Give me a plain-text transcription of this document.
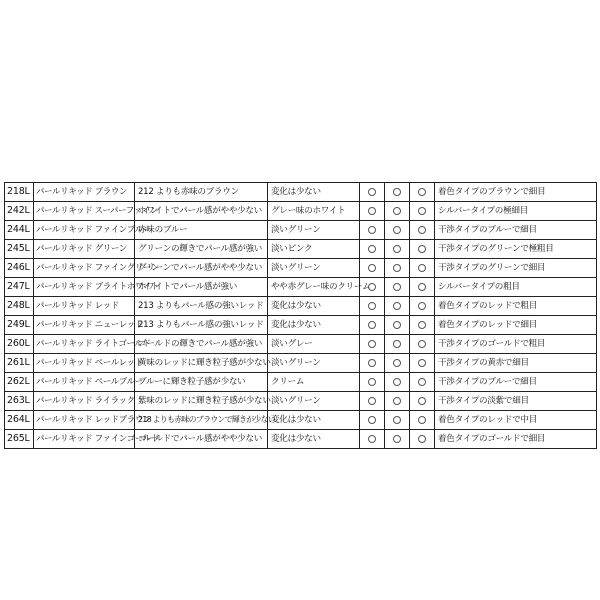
218L	パールリキッド ブラウン	212 よりも赤味のブラウン	変化は少ない				着色タイプのブラウンで細目
242L	パールリキッド スーパーファイン	ホワイトでパール感がやや少ない	グレー味のホワイト				シルバータイプの極細目
244L	パールリキッド ファインブルー	赤味のブルー	淡いグリーン				干渉タイプのブルーで細目
245L	パールリキッド グリーン	グリーンの輝きでパール感が強い	淡いピンク				干渉タイプのグリーンで極粗目
246L	パールリキッド ファイングリーン	グリーンでパール感がやや少ない	淡いグリーン				干渉タイプのグリーンで細目
247L	パールリキッド ブライトホワイト	ホワイトでパール感が強い	やや赤グレー味のクリーム				シルバータイプの粗目
248L	パールリキッド レッド	213 よりもパール感の強いレッド	変化は少ない				着色タイプのレッドで粗目
249L	パールリキッド ニューレッド	213 よりもパール感の強いレッド	変化は少ない				着色タイプのレッドで細目
260L	パールリキッド ライトゴールド	ゴールドの輝きでパール感が強い	淡いグレー				干渉タイプのゴールドで粗目
261L	パールリキッド ペールレッド	黄味のレッドに輝き粒子感が少ない	淡いグリーン				干渉タイプの黄赤で細目
262L	パールリキッド ペールブルー	ブルーに輝き粒子感が少ない	クリーム				干渉タイプのブルーで細目
263L	パールリキッド ライラック	紫味のレッドに輝き粒子感が少ない	淡いグリーン				干渉タイプの淡紫で細目
264L	パールリキッド レッドブラウン	218 よりも赤味のブラウンで輝きが少ない	変化は少ない				着色タイプのレッドで中目
265L	パールリキッド ファインゴールド	ゴールドでパール感がやや少ない	変化は少ない				着色タイプのゴールドで細目
